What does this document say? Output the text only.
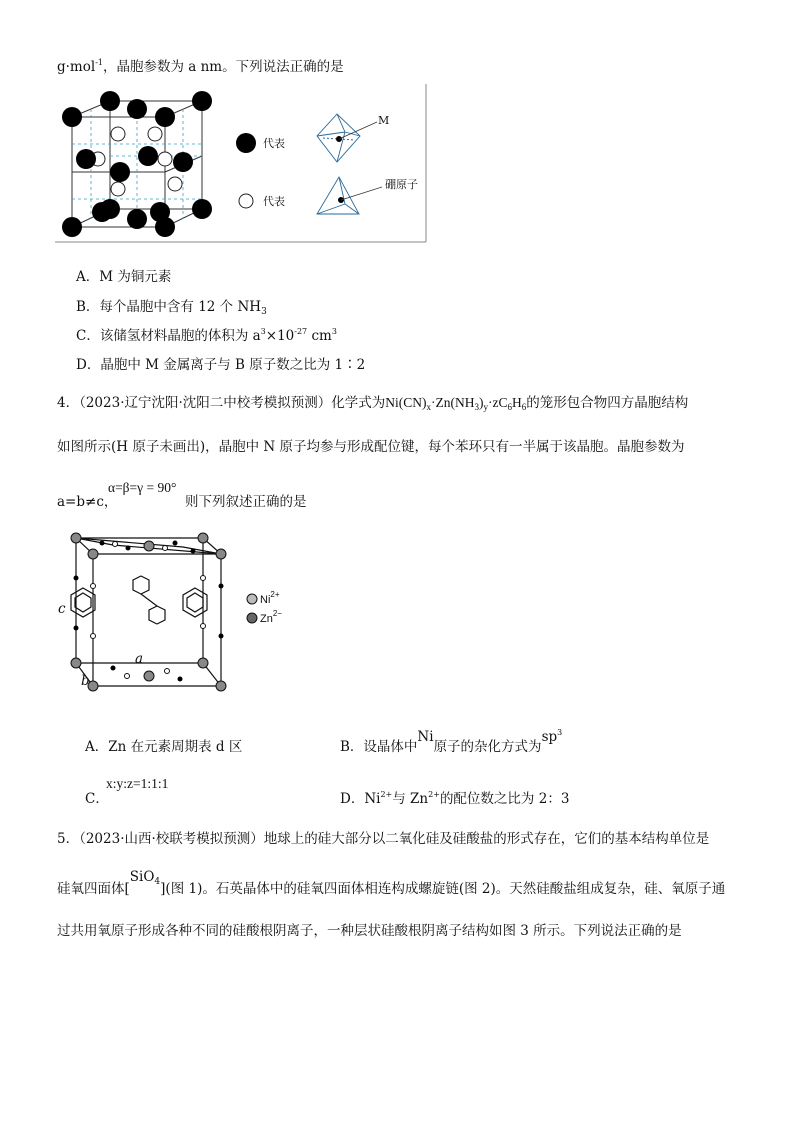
g·mol$^{-1}$，晶胞参数为 a nm。下列说法正确的是
代表
代表
M
硼原子
A．M 为铜元素
B．每个晶胞中含有 12 个 $NH_3$
C．该储氢材料晶胞的体积为 $a^3\times 10^{-27}$ $cm^3$
D．晶胞中 M 金属离子与 B 原子数之比为 1∶2
4．（2023·辽宁沈阳·沈阳二中校考模拟预测）化学式为$Ni(CN)_x\cdot Zn(NH_3)_y\cdot zC_6H_6$的笼形包合物四方晶胞结构
如图所示(H 原子未画出)，晶胞中 N 原子均参与形成配位键，每个苯环只有一半属于该晶胞。晶胞参数为
a=b≠c，
α=β=γ = 90°
则下列叙述正确的是
$Ni^{2+}$
$Zn^{2-}$
c
a
b
A．Zn 在元素周期表 d 区	B．设晶体中Ni原子的杂化方式为$sp^3$
C．
x:y:z=1:1:1
D．$Ni^{2+}$与 $Zn^{2+}$的配位数之比为 2：3
5．（2023·山西·校联考模拟预测）地球上的硅大部分以二氧化硅及硅酸盐的形式存在，它们的基本结构单位是
硅氧四面体[SiO$_4$](图 1)。石英晶体中的硅氧四面体相连构成螺旋链(图 2)。天然硅酸盐组成复杂，硅、氧原子通
过共用氧原子形成各种不同的硅酸根阴离子，一种层状硅酸根阴离子结构如图 3 所示。下列说法正确的是
